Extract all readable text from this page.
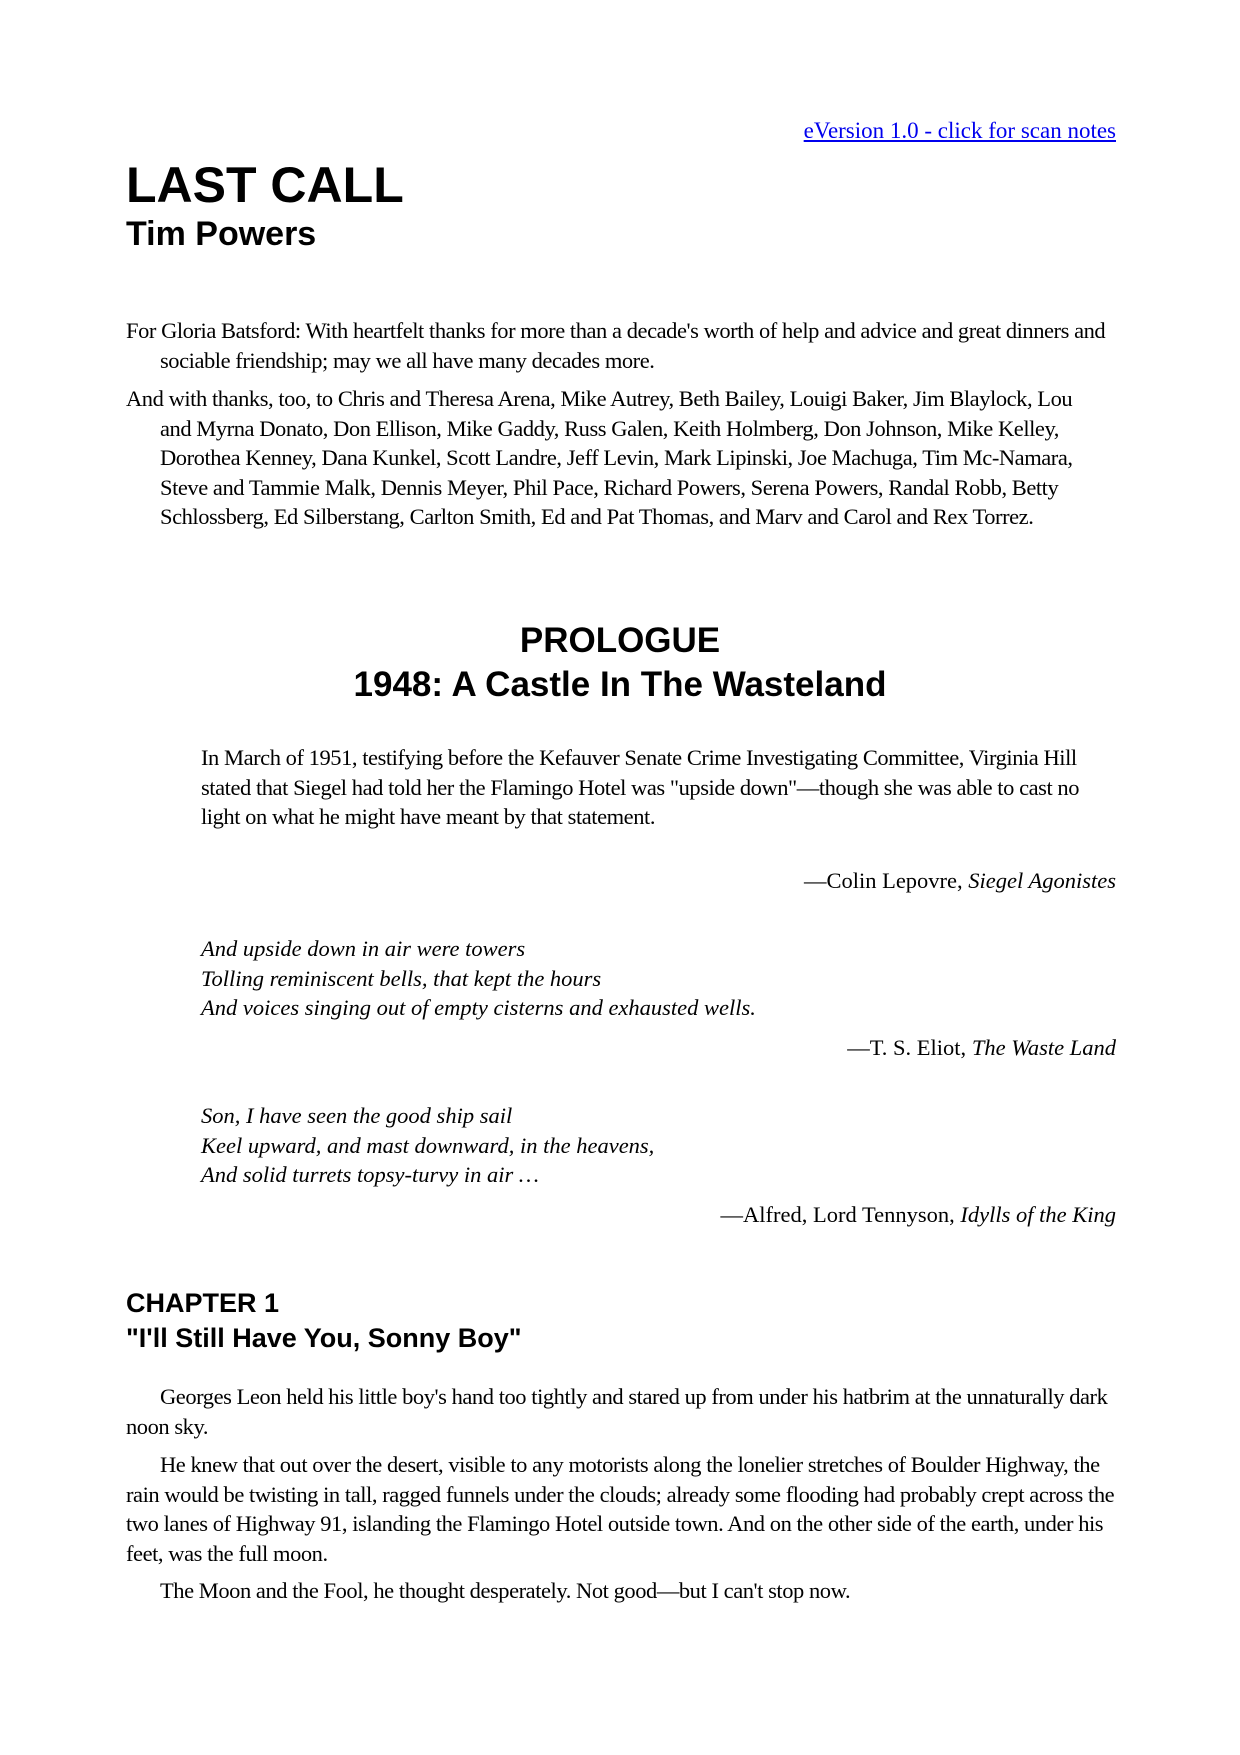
eVersion 1.0 - click for scan notes
LAST CALL
Tim Powers

For Gloria Batsford: With heartfelt thanks for more than a decade's worth of help and advice and great dinners and sociable friendship; may we all have many decades more.

And with thanks, too, to Chris and Theresa Arena, Mike Autrey, Beth Bailey, Louigi Baker, Jim Blaylock, Lou and Myrna Donato, Don Ellison, Mike Gaddy, Russ Galen, Keith Holmberg, Don Johnson, Mike Kelley, Dorothea Kenney, Dana Kunkel, Scott Landre, Jeff Levin, Mark Lipinski, Joe Machuga, Tim Mc-Namara, Steve and Tammie Malk, Dennis Meyer, Phil Pace, Richard Powers, Serena Powers, Randal Robb, Betty Schlossberg, Ed Silberstang, Carlton Smith, Ed and Pat Thomas, and Marv and Carol and Rex Torrez.

PROLOGUE
1948: A Castle In The Wasteland

In March of 1951, testifying before the Kefauver Senate Crime Investigating Committee, Virginia Hill stated that Siegel had told her the Flamingo Hotel was "upside down"—though she was able to cast no light on what he might have meant by that statement.

—Colin Lepovre, Siegel Agonistes

And upside down in air were towers
Tolling reminiscent bells, that kept the hours
And voices singing out of empty cisterns and exhausted wells.

—T. S. Eliot, The Waste Land

Son, I have seen the good ship sail
Keel upward, and mast downward, in the heavens,
And solid turrets topsy-turvy in air …

—Alfred, Lord Tennyson, Idylls of the King

CHAPTER 1
"I'll Still Have You, Sonny Boy"

Georges Leon held his little boy's hand too tightly and stared up from under his hatbrim at the unnaturally dark noon sky.

He knew that out over the desert, visible to any motorists along the lonelier stretches of Boulder Highway, the rain would be twisting in tall, ragged funnels under the clouds; already some flooding had probably crept across the two lanes of Highway 91, islanding the Flamingo Hotel outside town. And on the other side of the earth, under his feet, was the full moon.

The Moon and the Fool, he thought desperately. Not good—but I can't stop now.
